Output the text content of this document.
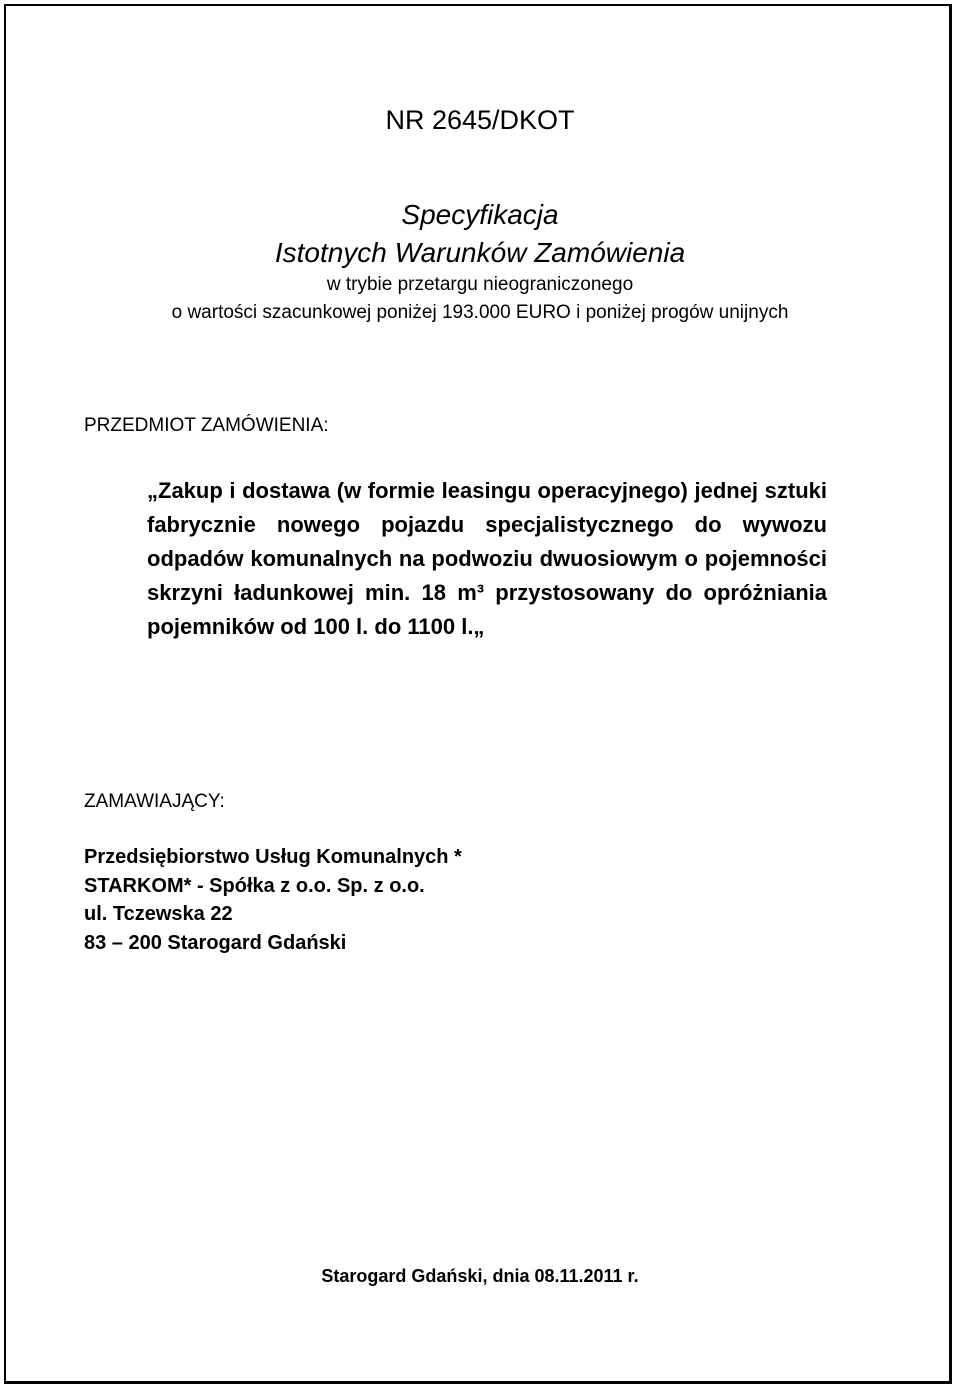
NR 2645/DKOT
Specyfikacja
Istotnych Warunków Zamówienia
w trybie przetargu nieograniczonego
o wartości szacunkowej poniżej 193.000 EURO i poniżej progów unijnych
PRZEDMIOT ZAMÓWIENIA:
„Zakup i dostawa (w formie leasingu operacyjnego) jednej sztuki fabrycznie nowego pojazdu specjalistycznego do wywozu odpadów komunalnych na podwoziu dwuosiowym o pojemności skrzyni ładunkowej min. 18 m³ przystosowany do opróżniania pojemników od 100 l. do 1100 l.„
ZAMAWIAJĄCY:
Przedsiębiorstwo Usług Komunalnych *
STARKOM* - Spółka z o.o. Sp. z o.o.
ul. Tczewska 22
83 – 200 Starogard Gdański
Starogard Gdański, dnia 08.11.2011 r.
